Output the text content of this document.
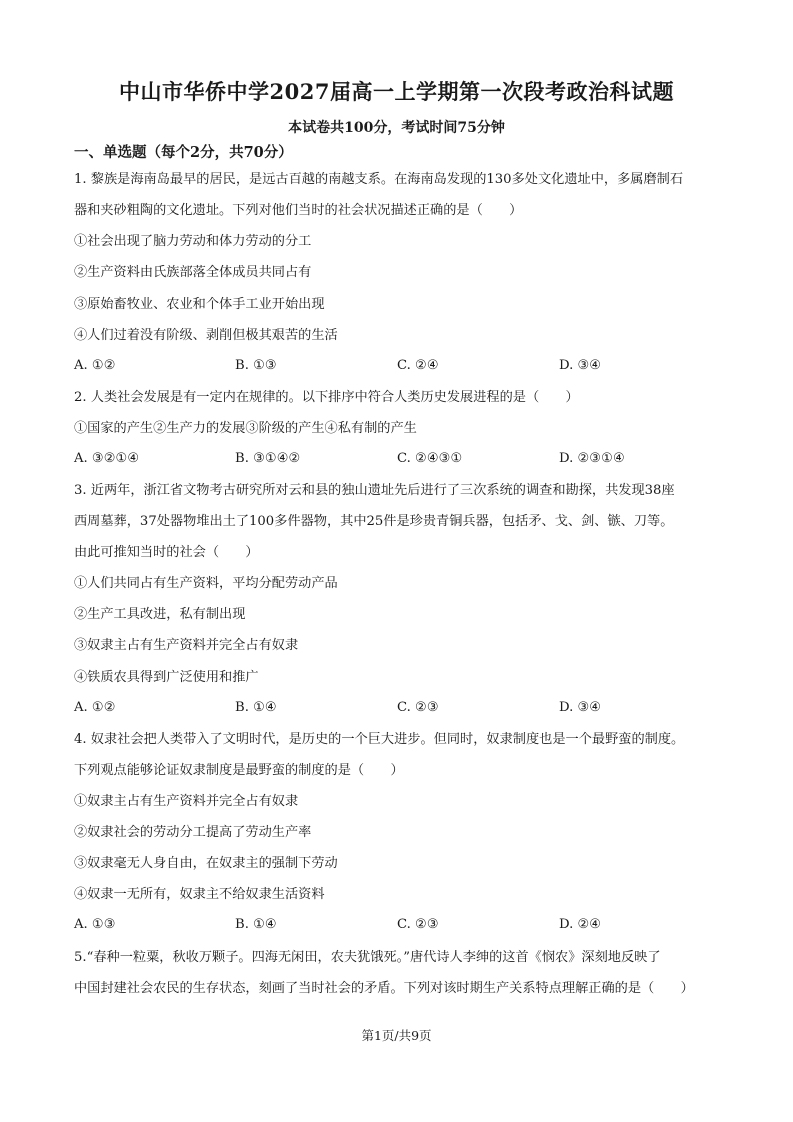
中山市华侨中学2027届高一上学期第一次段考政治科试题
本试卷共100分，考试时间75分钟
一、单选题（每个2分，共70分）
1. 黎族是海南岛最早的居民，是远古百越的南越支系。在海南岛发现的130多处文化遗址中，多属磨制石
器和夹砂粗陶的文化遗址。下列对他们当时的社会状况描述正确的是（　　）
①社会出现了脑力劳动和体力劳动的分工
②生产资料由氏族部落全体成员共同占有
③原始畜牧业、农业和个体手工业开始出现
④人们过着没有阶级、剥削但极其艰苦的生活
A. ①②	B. ①③	C. ②④	D. ③④
2. 人类社会发展是有一定内在规律的。以下排序中符合人类历史发展进程的是（　　）
①国家的产生②生产力的发展③阶级的产生④私有制的产生
A. ③②①④	B. ③①④②	C. ②④③①	D. ②③①④
3. 近两年，浙江省文物考古研究所对云和县的独山遗址先后进行了三次系统的调查和勘探，共发现38座
西周墓葬，37处器物堆出土了100多件器物，其中25件是珍贵青铜兵器，包括矛、戈、剑、镞、刀等。
由此可推知当时的社会（　　）
①人们共同占有生产资料，平均分配劳动产品
②生产工具改进，私有制出现
③奴隶主占有生产资料并完全占有奴隶
④铁质农具得到广泛使用和推广
A. ①②	B. ①④	C. ②③	D. ③④
4. 奴隶社会把人类带入了文明时代，是历史的一个巨大进步。但同时，奴隶制度也是一个最野蛮的制度。
下列观点能够论证奴隶制度是最野蛮的制度的是（　　）
①奴隶主占有生产资料并完全占有奴隶
②奴隶社会的劳动分工提高了劳动生产率
③奴隶毫无人身自由，在奴隶主的强制下劳动
④奴隶一无所有，奴隶主不给奴隶生活资料
A. ①③	B. ①④	C. ②③	D. ②④
5.“春种一粒粟，秋收万颗子。四海无闲田，农夫犹饿死。”唐代诗人李绅的这首《悯农》深刻地反映了
中国封建社会农民的生存状态，刻画了当时社会的矛盾。下列对该时期生产关系特点理解正确的是（　　）
第1页/共9页
